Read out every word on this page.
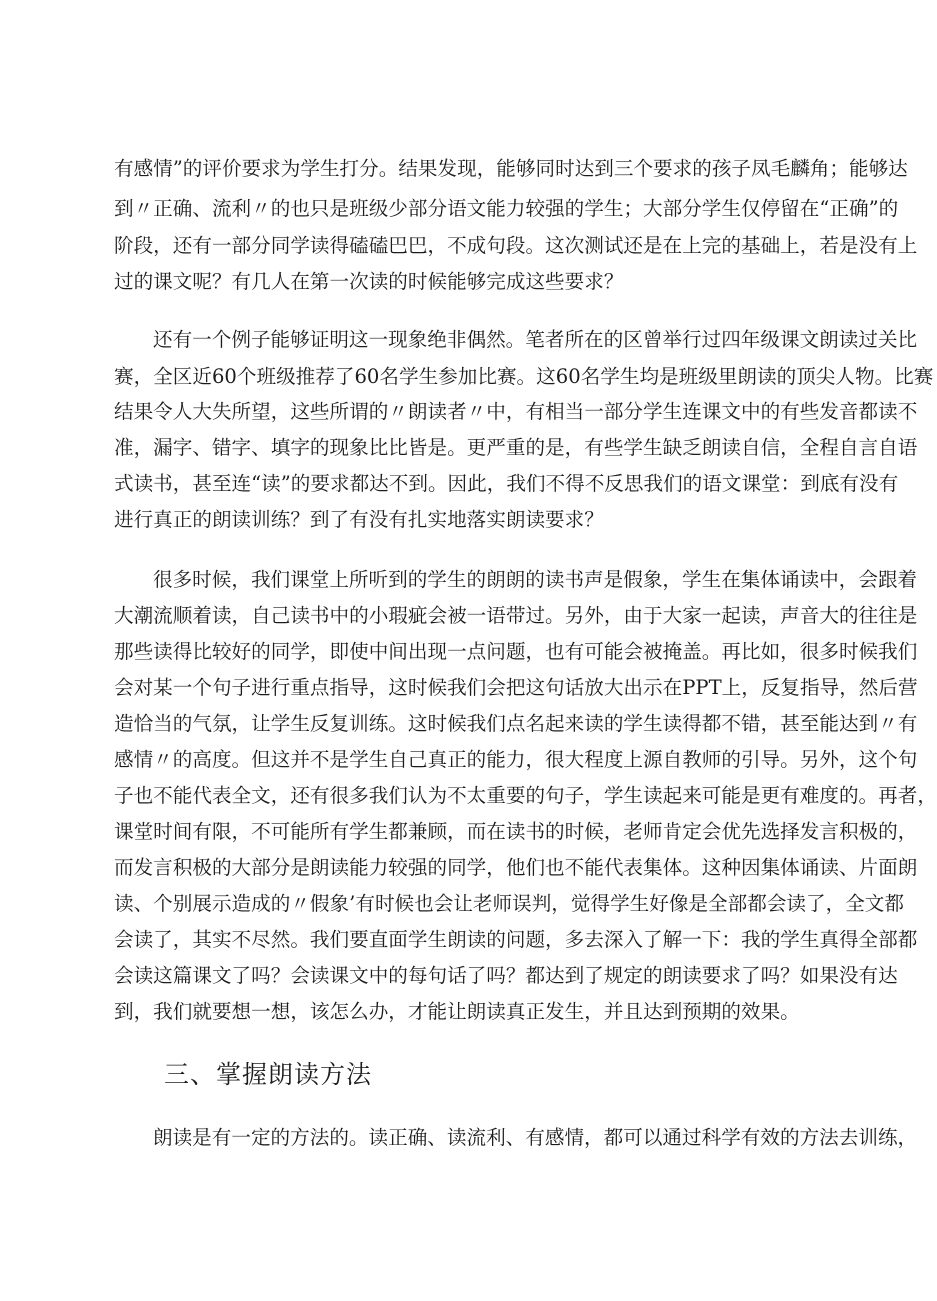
有感情”的评价要求为学生打分。结果发现，能够同时达到三个要求的孩子凤毛麟角；能够达
到〃正确、流利〃的也只是班级少部分语文能力较强的学生；大部分学生仅停留在“正确”的
阶段，还有一部分同学读得磕磕巴巴，不成句段。这次测试还是在上完的基础上，若是没有上
过的课文呢？有几人在第一次读的时候能够完成这些要求？
还有一个例子能够证明这一现象绝非偶然。笔者所在的区曾举行过四年级课文朗读过关比
赛，全区近60个班级推荐了60名学生参加比赛。这60名学生均是班级里朗读的顶尖人物。比赛
结果令人大失所望，这些所谓的〃朗读者〃中，有相当一部分学生连课文中的有些发音都读不
准，漏字、错字、填字的现象比比皆是。更严重的是，有些学生缺乏朗读自信，全程自言自语
式读书，甚至连“读”的要求都达不到。因此，我们不得不反思我们的语文课堂：到底有没有
进行真正的朗读训练？到了有没有扎实地落实朗读要求？
很多时候，我们课堂上所听到的学生的朗朗的读书声是假象，学生在集体诵读中，会跟着
大潮流顺着读，自己读书中的小瑕疵会被一语带过。另外，由于大家一起读，声音大的往往是
那些读得比较好的同学，即使中间出现一点问题，也有可能会被掩盖。再比如，很多时候我们
会对某一个句子进行重点指导，这时候我们会把这句话放大出示在PPT上，反复指导，然后营
造恰当的气氛，让学生反复训练。这时候我们点名起来读的学生读得都不错，甚至能达到〃有
感情〃的高度。但这并不是学生自己真正的能力，很大程度上源自教师的引导。另外，这个句
子也不能代表全文，还有很多我们认为不太重要的句子，学生读起来可能是更有难度的。再者，
课堂时间有限，不可能所有学生都兼顾，而在读书的时候，老师肯定会优先选择发言积极的，
而发言积极的大部分是朗读能力较强的同学，他们也不能代表集体。这种因集体诵读、片面朗
读、个别展示造成的〃假象’有时候也会让老师误判，觉得学生好像是全部都会读了，全文都
会读了，其实不尽然。我们要直面学生朗读的问题，多去深入了解一下：我的学生真得全部都
会读这篇课文了吗？会读课文中的每句话了吗？都达到了规定的朗读要求了吗？如果没有达
到，我们就要想一想，该怎么办，才能让朗读真正发生，并且达到预期的效果。
三、掌握朗读方法
朗读是有一定的方法的。读正确、读流利、有感情，都可以通过科学有效的方法去训练，
